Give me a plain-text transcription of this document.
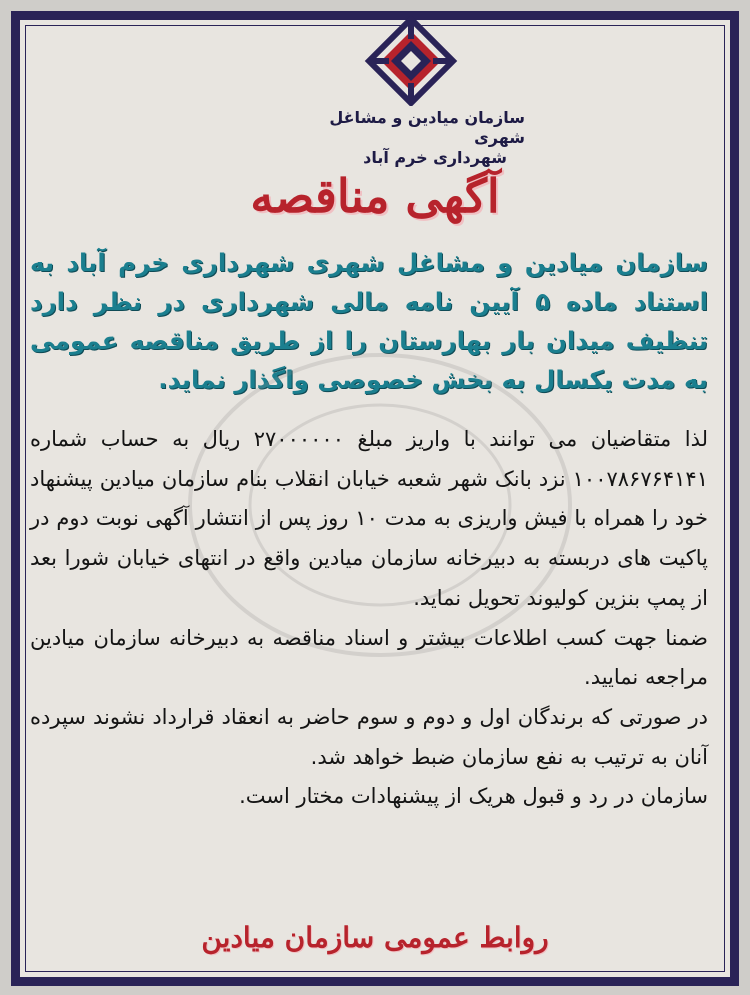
سازمان میادین و مشاغل شهری
شهرداری خرم آباد
آگهی مناقصه
سازمان میادین و مشاغل شهری شهرداری خرم آباد به استناد ماده ۵ آیین نامه مالی شهرداری در نظر دارد تنظیف میدان بار بهارستان را از طریق مناقصه عمومی به مدت یکسال به بخش خصوصی واگذار نماید.

لذا متقاضیان می توانند با واریز مبلغ ۲۷۰۰۰۰۰۰ ریال به حساب شماره ۱۰۰۷۸۶۷۶۴۱۴۱ نزد بانک شهر شعبه خیابان انقلاب بنام سازمان میادین پیشنهاد خود را همراه با فیش واریزی به مدت ۱۰ روز پس از انتشار آگهی نوبت دوم در پاکیت های دربسته به دبیرخانه سازمان میادین واقع در انتهای خیابان شورا بعد از پمپ بنزین کولیوند تحویل نماید.

ضمنا جهت کسب اطلاعات بیشتر و اسناد مناقصه به دبیرخانه سازمان میادین مراجعه نمایید.

در صورتی که برندگان اول و دوم و سوم حاضر به انعقاد قرارداد نشوند سپرده آنان به ترتیب به نفع سازمان ضبط خواهد شد.

سازمان در رد و قبول هریک از پیشنهادات مختار است.

روابط عمومی سازمان میادین
